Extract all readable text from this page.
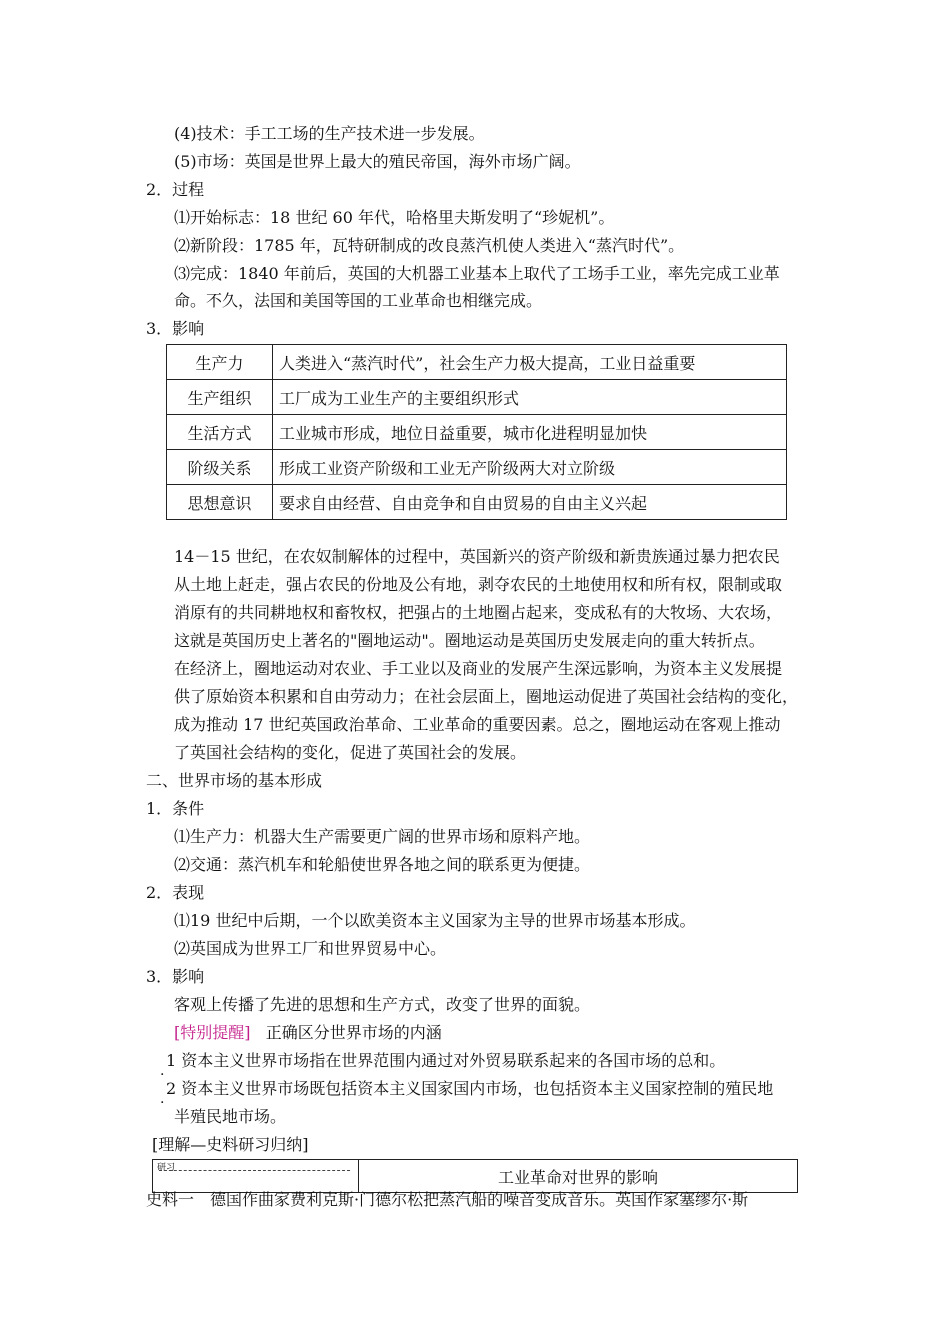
(4)技术：手工工场的生产技术进一步发展。
(5)市场：英国是世界上最大的殖民帝国，海外市场广阔。
2．过程
⑴开始标志：18 世纪 60 年代，哈格里夫斯发明了“珍妮机”。
⑵新阶段：1785 年，瓦特研制成的改良蒸汽机使人类进入“蒸汽时代”。
⑶完成：1840 年前后，英国的大机器工业基本上取代了工场手工业，率先完成工业革
命。不久，法国和美国等国的工业革命也相继完成。
3．影响
生产力	人类进入“蒸汽时代”，社会生产力极大提高，工业日益重要
生产组织	工厂成为工业生产的主要组织形式
生活方式	工业城市形成，地位日益重要，城市化进程明显加快
阶级关系	形成工业资产阶级和工业无产阶级两大对立阶级
思想意识	要求自由经营、自由竞争和自由贸易的自由主义兴起
14－15 世纪，在农奴制解体的过程中，英国新兴的资产阶级和新贵族通过暴力把农民
从土地上赶走，强占农民的份地及公有地，剥夺农民的土地使用权和所有权，限制或取
消原有的共同耕地权和畜牧权，把强占的土地圈占起来，变成私有的大牧场、大农场，
这就是英国历史上著名的"圈地运动"。圈地运动是英国历史发展走向的重大转折点。
在经济上，圈地运动对农业、手工业以及商业的发展产生深远影响，为资本主义发展提
供了原始资本积累和自由劳动力；在社会层面上，圈地运动促进了英国社会结构的变化，
成为推动 17 世纪英国政治革命、工业革命的重要因素。总之，圈地运动在客观上推动
了英国社会结构的变化，促进了英国社会的发展。
二、世界市场的基本形成
1．条件
⑴生产力：机器大生产需要更广阔的世界市场和原料产地。
⑵交通：蒸汽机车和轮船使世界各地之间的联系更为便捷。
2．表现
⑴19 世纪中后期，一个以欧美资本主义国家为主导的世界市场基本形成。
⑵英国成为世界工厂和世界贸易中心。
3．影响
客观上传播了先进的思想和生产方式，改变了世界的面貌。
[特别提醒] 正确区分世界市场的内涵
.
1 资本主义世界市场指在世界范围内通过对外贸易联系起来的各国市场的总和。
.
2 资本主义世界市场既包括资本主义国家国内市场，也包括资本主义国家控制的殖民地
半殖民地市场。
[理解—史料研习归纳]
研习	工业革命对世界的影响
史料一　德国作曲家费利克斯·门德尔松把蒸汽船的噪音变成音乐。英国作家塞缪尔·斯
